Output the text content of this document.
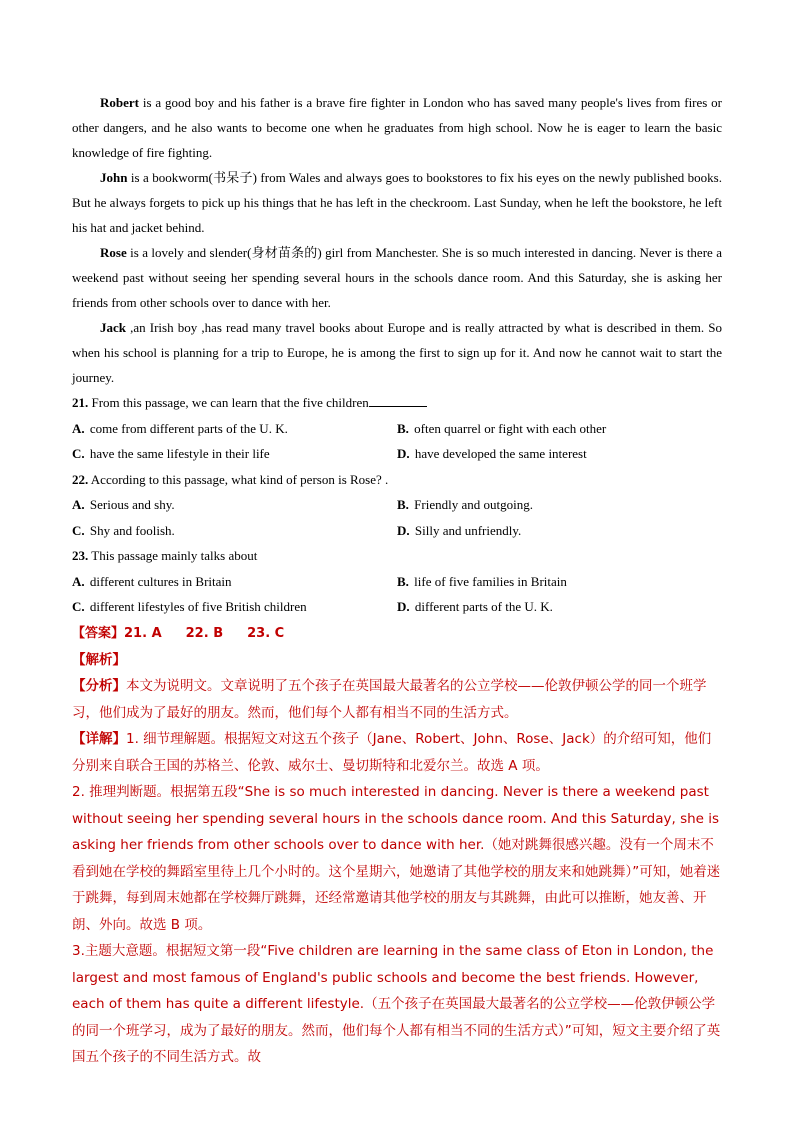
Robert is a good boy and his father is a brave fire fighter in London who has saved many people's lives from fires or other dangers, and he also wants to become one when he graduates from high school. Now he is eager to learn the basic knowledge of fire fighting.

John is a bookworm(书呆子) from Wales and always goes to bookstores to fix his eyes on the newly published books. But he always forgets to pick up his things that he has left in the checkroom. Last Sunday, when he left the bookstore, he left his hat and jacket behind.

Rose is a lovely and slender(身材苗条的) girl from Manchester. She is so much interested in dancing. Never is there a weekend past without seeing her spending several hours in the schools dance room. And this Saturday, she is asking her friends from other schools over to dance with her.

Jack ,an Irish boy ,has read many travel books about Europe and is really attracted by what is described in them. So when his school is planning for a trip to Europe, he is among the first to sign up for it. And now he cannot wait to start the journey.

21. From this passage, we can learn that the five children

A. come from different parts of the U. K.	B. often quarrel or fight with each other
C. have the same lifestyle in their life	D. have developed the same interest

22. According to this passage, what kind of person is Rose? .

A. Serious and shy.	B. Friendly and outgoing.
C. Shy and foolish.	D. Silly and unfriendly.

23. This passage mainly talks about

A. different cultures in Britain	B. life of five families in Britain
C. different lifestyles of five British children	D. different parts of the U. K.

【答案】21. A 22. B 23. C

【解析】

【分析】本文为说明文。文章说明了五个孩子在英国最大最著名的公立学校——伦敦伊顿公学的同一个班学习，他们成为了最好的朋友。然而，他们每个人都有相当不同的生活方式。

【详解】1. 细节理解题。根据短文对这五个孩子（Jane、Robert、John、Rose、Jack）的介绍可知，他们分别来自联合王国的苏格兰、伦敦、威尔士、曼切斯特和北爱尔兰。故选 A 项。

2. 推理判断题。根据第五段“She is so much interested in dancing. Never is there a weekend past without seeing her spending several hours in the schools dance room. And this Saturday, she is asking her friends from other schools over to dance with her.（她对跳舞很感兴趣。没有一个周末不看到她在学校的舞蹈室里待上几个小时的。这个星期六，她邀请了其他学校的朋友来和她跳舞）”可知，她着迷于跳舞，每到周末她都在学校舞厅跳舞，还经常邀请其他学校的朋友与其跳舞，由此可以推断，她友善、开朗、外向。故选 B 项。

3.主题大意题。根据短文第一段“Five children are learning in the same class of Eton in London, the largest and most famous of England's public schools and become the best friends. However, each of them has quite a different lifestyle.（五个孩子在英国最大最著名的公立学校——伦敦伊顿公学的同一个班学习，成为了最好的朋友。然而，他们每个人都有相当不同的生活方式）”可知，短文主要介绍了英国五个孩子的不同生活方式。故
